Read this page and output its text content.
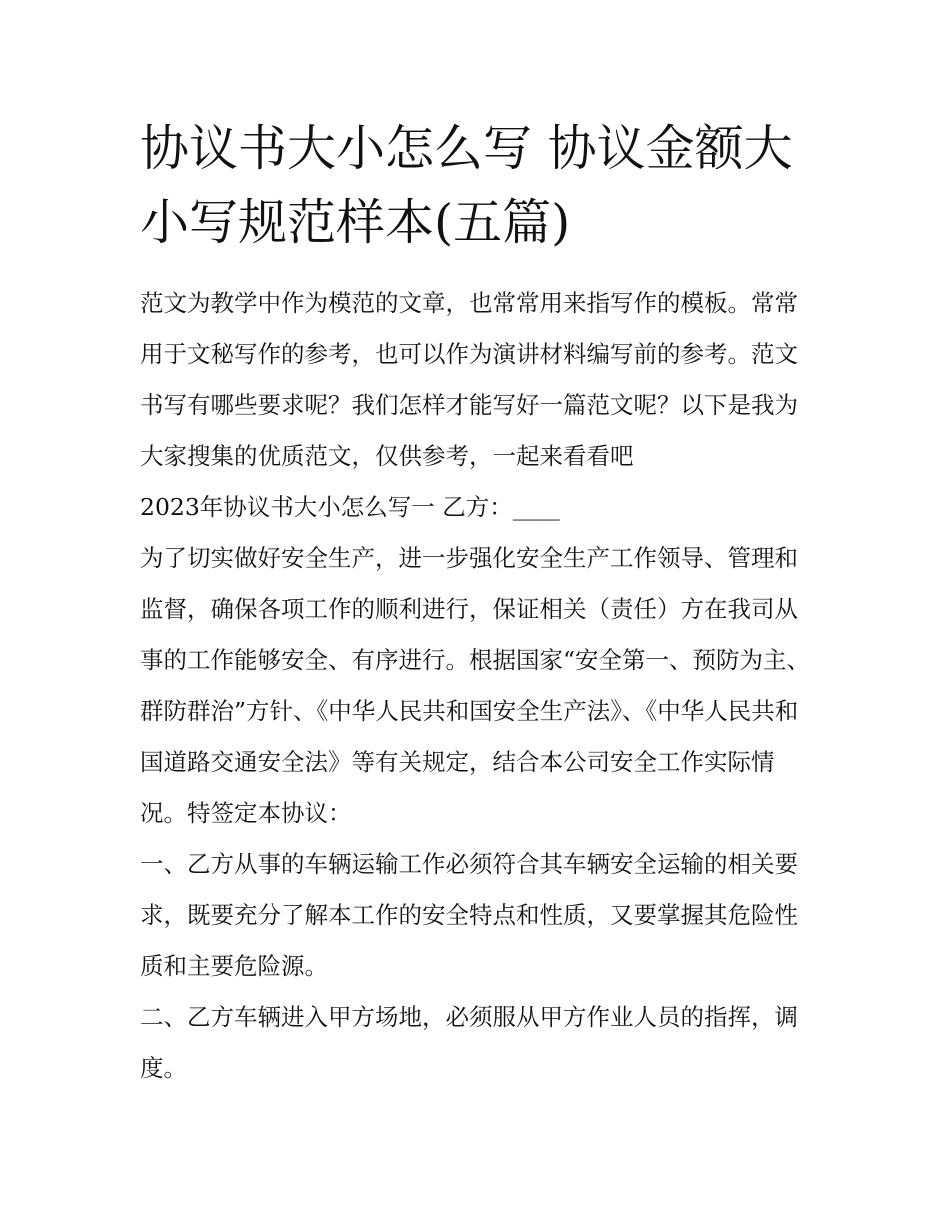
协议书大小怎么写 协议金额大小写规范样本(五篇)

范文为教学中作为模范的文章，也常常用来指写作的模板。常常用于文秘写作的参考，也可以作为演讲材料编写前的参考。范文书写有哪些要求呢？我们怎样才能写好一篇范文呢？以下是我为大家搜集的优质范文，仅供参考，一起来看看吧

2023年协议书大小怎么写一 乙方：____

为了切实做好安全生产，进一步强化安全生产工作领导、管理和监督，确保各项工作的顺利进行，保证相关（责任）方在我司从事的工作能够安全、有序进行。根据国家“安全第一、预防为主、群防群治”方针、《中华人民共和国安全生产法》、《中华人民共和国道路交通安全法》等有关规定，结合本公司安全工作实际情况。特签定本协议：

一、乙方从事的车辆运输工作必须符合其车辆安全运输的相关要求，既要充分了解本工作的安全特点和性质，又要掌握其危险性质和主要危险源。

二、乙方车辆进入甲方场地，必须服从甲方作业人员的指挥，调度。
